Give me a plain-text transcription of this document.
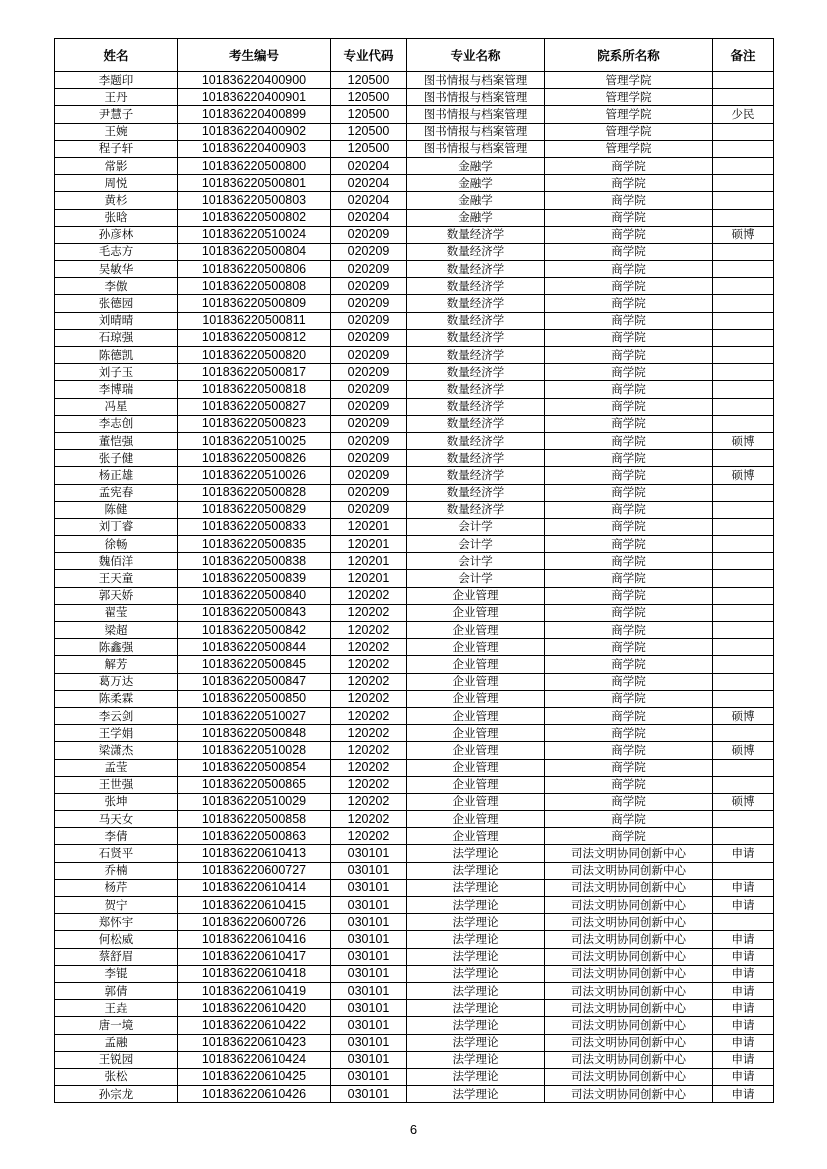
姓名	考生编号	专业代码	专业名称	院系所名称	备注
李题印	101836220400900	120500	图书情报与档案管理	管理学院	
王丹	101836220400901	120500	图书情报与档案管理	管理学院	
尹慧子	101836220400899	120500	图书情报与档案管理	管理学院	少民
王婉	101836220400902	120500	图书情报与档案管理	管理学院	
程子轩	101836220400903	120500	图书情报与档案管理	管理学院	
常影	101836220500800	020204	金融学	商学院	
周悦	101836220500801	020204	金融学	商学院	
黄杉	101836220500803	020204	金融学	商学院	
张晗	101836220500802	020204	金融学	商学院	
孙彦林	101836220510024	020209	数量经济学	商学院	硕博
毛志方	101836220500804	020209	数量经济学	商学院	
吴敏华	101836220500806	020209	数量经济学	商学院	
李傲	101836220500808	020209	数量经济学	商学院	
张德园	101836220500809	020209	数量经济学	商学院	
刘晴晴	101836220500811	020209	数量经济学	商学院	
石琼强	101836220500812	020209	数量经济学	商学院	
陈德凯	101836220500820	020209	数量经济学	商学院	
刘子玉	101836220500817	020209	数量经济学	商学院	
李博瑞	101836220500818	020209	数量经济学	商学院	
冯星	101836220500827	020209	数量经济学	商学院	
李志创	101836220500823	020209	数量经济学	商学院	
董恺强	101836220510025	020209	数量经济学	商学院	硕博
张子健	101836220500826	020209	数量经济学	商学院	
杨正雄	101836220510026	020209	数量经济学	商学院	硕博
孟宪春	101836220500828	020209	数量经济学	商学院	
陈健	101836220500829	020209	数量经济学	商学院	
刘丁睿	101836220500833	120201	会计学	商学院	
徐畅	101836220500835	120201	会计学	商学院	
魏佰洋	101836220500838	120201	会计学	商学院	
王天童	101836220500839	120201	会计学	商学院	
郭天娇	101836220500840	120202	企业管理	商学院	
翟莹	101836220500843	120202	企业管理	商学院	
梁超	101836220500842	120202	企业管理	商学院	
陈鑫强	101836220500844	120202	企业管理	商学院	
解芳	101836220500845	120202	企业管理	商学院	
葛万达	101836220500847	120202	企业管理	商学院	
陈柔霖	101836220500850	120202	企业管理	商学院	
李云剑	101836220510027	120202	企业管理	商学院	硕博
王学娟	101836220500848	120202	企业管理	商学院	
梁潇杰	101836220510028	120202	企业管理	商学院	硕博
孟莹	101836220500854	120202	企业管理	商学院	
王世强	101836220500865	120202	企业管理	商学院	
张坤	101836220510029	120202	企业管理	商学院	硕博
马天女	101836220500858	120202	企业管理	商学院	
李倩	101836220500863	120202	企业管理	商学院	
石贤平	101836220610413	030101	法学理论	司法文明协同创新中心	申请
乔楠	101836220600727	030101	法学理论	司法文明协同创新中心	
杨芹	101836220610414	030101	法学理论	司法文明协同创新中心	申请
贺宁	101836220610415	030101	法学理论	司法文明协同创新中心	申请
郑怀宇	101836220600726	030101	法学理论	司法文明协同创新中心	
何松威	101836220610416	030101	法学理论	司法文明协同创新中心	申请
蔡舒眉	101836220610417	030101	法学理论	司法文明协同创新中心	申请
李锟	101836220610418	030101	法学理论	司法文明协同创新中心	申请
郭倩	101836220610419	030101	法学理论	司法文明协同创新中心	申请
王垚	101836220610420	030101	法学理论	司法文明协同创新中心	申请
唐一境	101836220610422	030101	法学理论	司法文明协同创新中心	申请
孟融	101836220610423	030101	法学理论	司法文明协同创新中心	申请
王锐园	101836220610424	030101	法学理论	司法文明协同创新中心	申请
张松	101836220610425	030101	法学理论	司法文明协同创新中心	申请
孙宗龙	101836220610426	030101	法学理论	司法文明协同创新中心	申请
6
